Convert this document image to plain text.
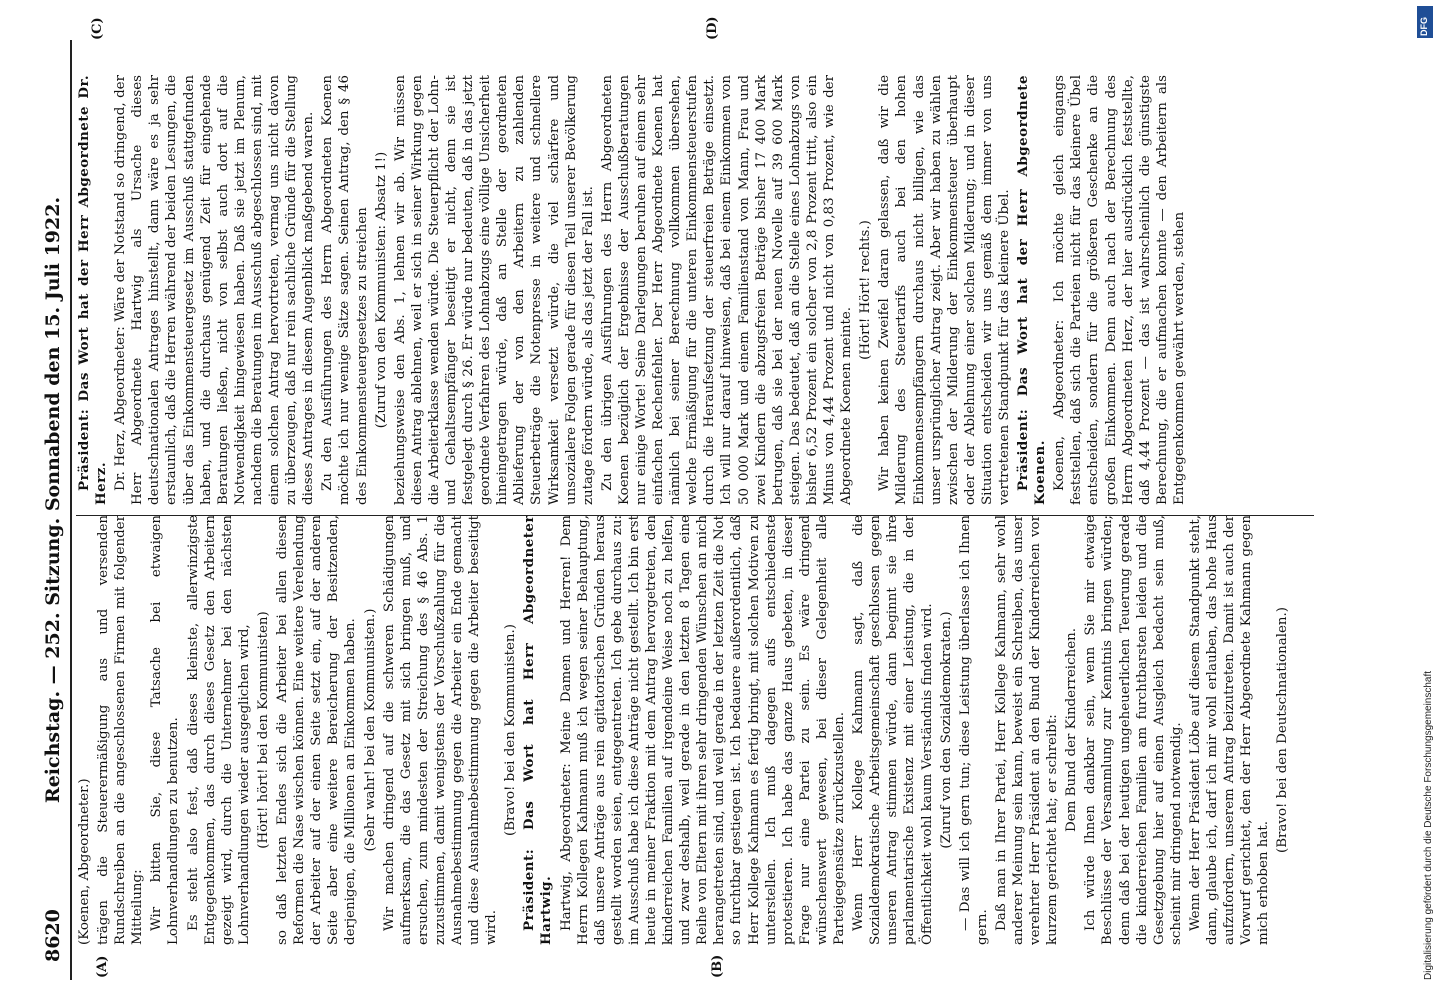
8620
Reichstag. — 252. Sitzung. Sonnabend den 15. Juli 1922.
(A)	(B)
(C)	(D)

(Koenen, Abgeordneter.) trägen die Steuerermäßigung aus und versenden Rundschreiben an die angeschlossenen Firmen mit folgender Mitteilung: Wir bitten Sie, diese Tatsache bei etwaigen Lohnverhandlungen zu benutzen. Es steht also fest, daß dieses kleinste, allerwinzigste Entgegenkommen, das durch dieses Gesetz den Arbeitern gezeigt wird, durch die Unternehmer bei den nächsten Lohnverhandlungen wieder ausgeglichen wird, (Hört! hört! bei den Kommunisten) so daß letzten Endes sich die Arbeiter bei allen diesen Reformen die Nase wischen können. Eine weitere Verelendung der Arbeiter auf der einen Seite setzt ein, auf der anderen Seite aber eine weitere Bereicherung der Besitzenden, derjenigen, die Millionen an Einkommen haben. (Sehr wahr! bei den Kommunisten.) Wir machen dringend auf die schweren Schädigungen aufmerksam, die das Gesetz mit sich bringen muß, und ersuchen, zum mindesten der Streichung des § 46 Abs. 1 zuzustimmen, damit wenigstens der Vorschußzahlung für die Ausnahmebestimmung gegen die Arbeiter ein Ende gemacht und diese Ausnahmebestimmung gegen die Arbeiter beseitigt wird.

(Bravo! bei den Kommunisten.) Präsident: Das Wort hat Herr Abgeordneter Hartwig. Hartwig, Abgeordneter: Meine Damen und Herren! Dem Herrn Kollegen Kahmann muß ich wegen seiner Behauptung, daß unsere Anträge aus rein agitatorischen Gründen heraus gestellt worden seien, entgegentreten. Ich gebe durchaus zu: im Ausschuß habe ich diese Anträge nicht gestellt. Ich bin erst heute in meiner Fraktion mit dem Antrag hervorgetreten, den kinderreichen Familien auf irgendeine Weise noch zu helfen, und zwar deshalb, weil gerade in den letzten 8 Tagen eine Reihe von Eltern mit ihren sehr dringenden Wünschen an mich herangetreten sind, und weil gerade in der letzten Zeit die Not so furchtbar gestiegen ist. Ich bedauere außerordentlich, daß Herr Kollege Kahmann es fertig bringt, mit solchen Motiven zu unterstellen. Ich muß dagegen aufs entschiedenste protestieren. Ich habe das ganze Haus gebeten, in dieser Frage nur eine Partei zu sein. Es wäre dringend wünschenswert gewesen, bei dieser Gelegenheit alle Parteigegensätze zurückzustellen. Wenn Herr Kollege Kahmann sagt, daß die Sozialdemokratische Arbeitsgemeinschaft geschlossen gegen unseren Antrag stimmen würde, dann beginnt sie ihre parlamentarische Existenz mit einer Leistung, die in der Öffentlichkeit wohl kaum Verständnis finden wird. (Zuruf von den Sozialdemokraten.) — Das will ich gern tun; diese Leistung überlasse ich Ihnen gern. Daß man in Ihrer Partei, Herr Kollege Kahmann, sehr wohl anderer Meinung sein kann, beweist ein Schreiben, das unser verehrter Herr Präsident an den Bund der Kinderreichen vor kurzem gerichtet hat; er schreibt: Dem Bund der Kinderreichen. Ich würde Ihnen dankbar sein, wenn Sie mir etwaige Beschlüsse der Versammlung zur Kenntnis bringen würden; denn daß bei der heutigen ungeheuerlichen Teuerung gerade die kinderreichen Familien am furchtbarsten leiden und die Gesetzgebung hier auf einen Ausgleich bedacht sein muß, scheint mir dringend notwendig. Wenn der Herr Präsident Löbe auf diesem Standpunkt steht, dann, glaube ich, darf ich mir wohl erlauben, das hohe Haus aufzufordern, unserem Antrag beizutreten. Damit ist auch der Vorwurf gerichtet, den der Herr Abgeordnete Kahmann gegen mich erhoben hat.

(Bravo! bei den Deutschnationalen.)

Präsident: Das Wort hat der Herr Abgeordnete Dr. Herz. Dr. Herz, Abgeordneter: Wäre der Notstand so dringend, der Herr Abgeordnete Hartwig als Ursache dieses deutschnationalen Antrages hinstellt, dann wäre es ja sehr erstaunlich, daß die Herren während der beiden Lesungen, die über das Einkommensteuergesetz im Ausschuß stattgefunden haben, und die durchaus genügend Zeit für eingehende Beratungen ließen, nicht von selbst auch dort auf die Notwendigkeit hingewiesen haben. Daß sie jetzt im Plenum, nachdem die Beratungen im Ausschuß abgeschlossen sind, mit einem solchen Antrag hervortreten, vermag uns nicht davon zu überzeugen, daß nur rein sachliche Gründe für die Stellung dieses Antrages in diesem Augenblick maßgebend waren. Zu den Ausführungen des Herrn Abgeordneten Koenen möchte ich nur wenige Sätze sagen. Seinen Antrag, den § 46 des Einkommensteuergesetzes zu streichen (Zuruf von den Kommunisten: Absatz 1!) beziehungsweise den Abs. 1, lehnen wir ab. Wir müssen diesen Antrag ablehnen, weil er sich in seiner Wirkung gegen die Arbeiterklasse wenden würde. Die Steuerpflicht der Lohn- und Gehaltsempfänger beseitigt er nicht, denn sie ist festgelegt durch § 26. Er würde nur bedeuten, daß in das jetzt geordnete Verfahren des Lohnabzugs eine völlige Unsicherheit hineingetragen würde, daß an Stelle der geordneten Ablieferung der von den Arbeitern zu zahlenden Steuerbeträge die Notenpresse in weitere und schnellere Wirksamkeit versetzt würde, die viel schärfere und unsozialere Folgen gerade für diesen Teil unserer Bevölkerung zutage fördern würde, als das jetzt der Fall ist. Zu den übrigen Ausführungen des Herrn Abgeordneten Koenen bezüglich der Ergebnisse der Ausschußberatungen nur einige Worte! Seine Darlegungen beruhen auf einem sehr einfachen Rechenfehler. Der Herr Abgeordnete Koenen hat nämlich bei seiner Berechnung vollkommen übersehen, welche Ermäßigung für die unteren Einkommensteuerstufen durch die Heraufsetzung der steuerfreien Beträge einsetzt. Ich will nur darauf hinweisen, daß bei einem Einkommen von 50 000 Mark und einem Familienstand von Mann, Frau und zwei Kindern die abzugsfreien Beträge bisher 17 400 Mark betrugen, daß sie bei der neuen Novelle auf 39 600 Mark steigen. Das bedeutet, daß an die Stelle eines Lohnabzugs von bisher 6,52 Prozent ein solcher von 2,8 Prozent tritt, also ein Minus von 4,44 Prozent und nicht von 0,83 Prozent, wie der Abgeordnete Koenen meinte.

(Hört! Hört! rechts.) Wir haben keinen Zweifel daran gelassen, daß wir die Milderung des Steuertarifs auch bei den hohen Einkommensempfängern durchaus nicht billigen, wie das unser ursprünglicher Antrag zeigt. Aber wir haben zu wählen zwischen der Milderung der Einkommensteuer überhaupt oder der Ablehnung einer solchen Milderung; und in dieser Situation entscheiden wir uns gemäß dem immer von uns vertretenen Standpunkt für das kleinere Übel. Präsident: Das Wort hat der Herr Abgeordnete Koenen. Koenen, Abgeordneter: Ich möchte gleich eingangs feststellen, daß sich die Parteien nicht für das kleinere Übel entscheiden, sondern für die größeren Geschenke an die großen Einkommen. Denn auch nach der Berechnung des Herrn Abgeordneten Herz, der hier ausdrücklich feststellte, daß 4,44 Prozent — das ist wahrscheinlich die günstigste Berechnung, die er aufmachen konnte — den Arbeitern als Entgegenkommen gewährt werden, stehen

Digitalisierung gefördert durch die Deutsche Forschungsgemeinschaft
DFG
